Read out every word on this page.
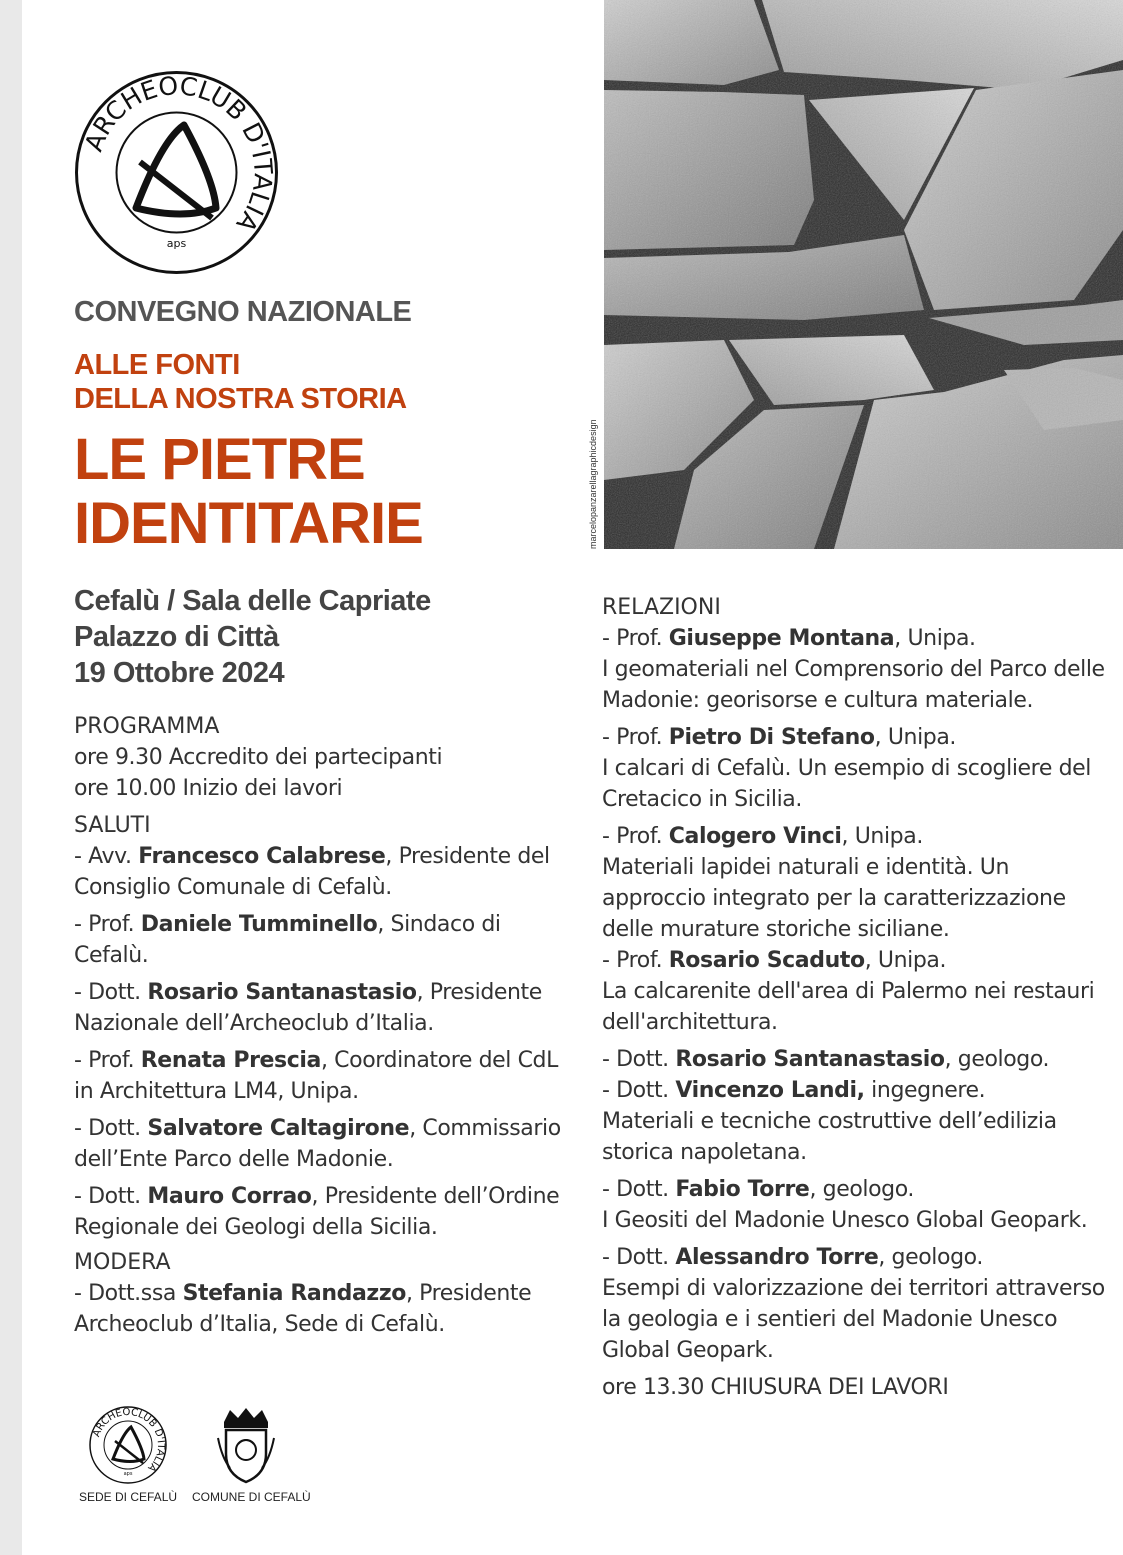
marcelopanzarellagraphicdesign
ARCHEOCLUB D'ITALIA
aps
CONVEGNO NAZIONALE
ALLE FONTI
DELLA NOSTRA STORIA
LE PIETRE
IDENTITARIE
Cefalù / Sala delle Capriate
Palazzo di Città
19 Ottobre 2024

PROGRAMMA

ore 9.30 Accredito dei partecipanti

ore 10.00 Inizio dei lavori

SALUTI

- Avv. Francesco Calabrese, Presidente del Consiglio Comunale di Cefalù.

- Prof. Daniele Tumminello, Sindaco di Cefalù.

- Dott. Rosario Santanastasio, Presidente Nazionale dell’Archeoclub d’Italia.

- Prof. Renata Prescia, Coordinatore del CdL in Architettura LM4, Unipa.

- Dott. Salvatore Caltagirone, Commissario dell’Ente Parco delle Madonie.

- Dott. Mauro Corrao, Presidente dell’Ordine Regionale dei Geologi della Sicilia.

MODERA

- Dott.ssa Stefania Randazzo, Presidente Archeoclub d’Italia, Sede di Cefalù.

RELAZIONI

- Prof. Giuseppe Montana, Unipa.

I geomateriali nel Comprensorio del Parco delle Madonie: georisorse e cultura materiale.

- Prof. Pietro Di Stefano, Unipa.

I calcari di Cefalù. Un esempio di scogliere del Cretacico in Sicilia.

- Prof. Calogero Vinci, Unipa.

Materiali lapidei naturali e identità. Un approccio integrato per la caratterizzazione delle murature storiche siciliane.

- Prof. Rosario Scaduto, Unipa.

La calcarenite dell'area di Palermo nei restauri dell'architettura.

- Dott. Rosario Santanastasio, geologo.

- Dott. Vincenzo Landi, ingegnere.

Materiali e tecniche costruttive dell’edilizia storica napoletana.

- Dott. Fabio Torre, geologo.

I Geositi del Madonie Unesco Global Geopark.

- Dott. Alessandro Torre, geologo.

Esempi di valorizzazione dei territori attraverso la geologia e i sentieri del Madonie Unesco Global Geopark.

ore 13.30 CHIUSURA DEI LAVORI

ARCHEOCLUB D'ITALIA
aps
SEDE DI CEFALÙ COMUNE DI CEFALÙ
